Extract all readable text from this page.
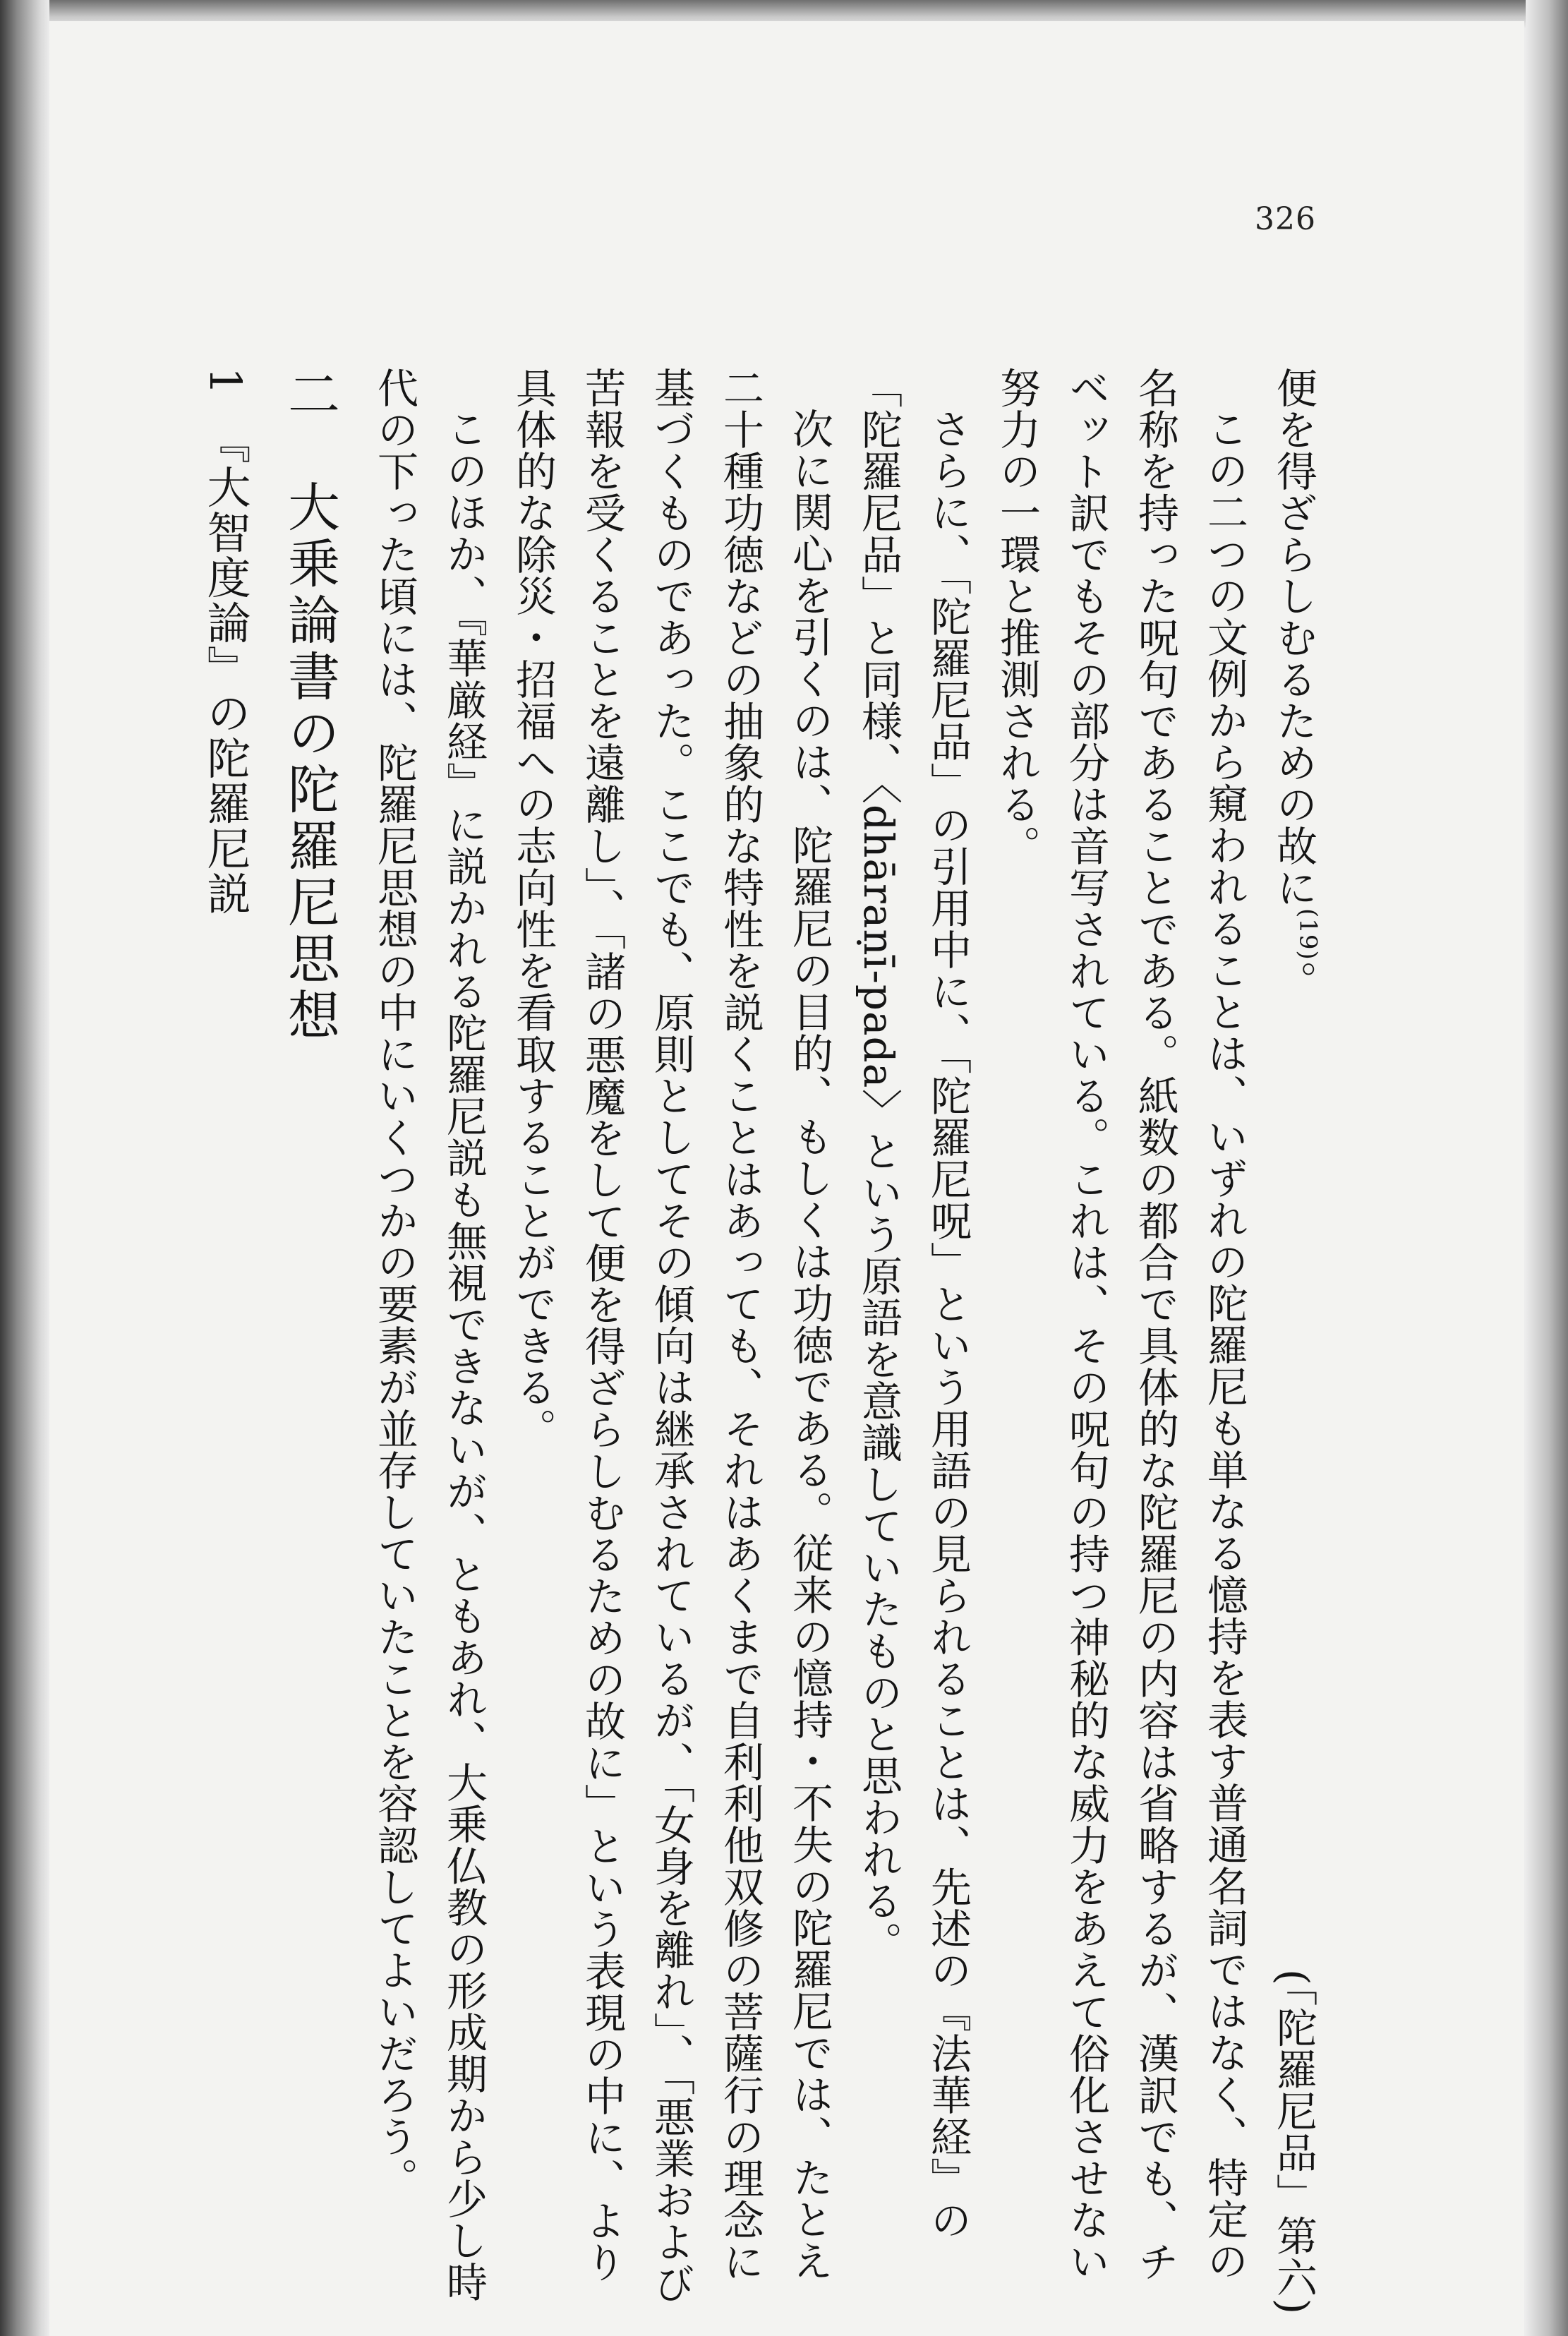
326

便を得ざらしむるための故に$^{(19)}$。
(「陀羅尼品」第六)

この二つの文例から窺われることは、いずれの陀羅尼も単なる憶持を表す普通名詞ではなく、特定の名称を持った呪句であることである。紙数の都合で具体的な陀羅尼の内容は省略するが、漢訳でも、チベット訳でもその部分は音写されている。これは、その呪句の持つ神秘的な威力をあえて俗化させない努力の一環と推測される。

さらに、「陀羅尼品」の引用中に、「陀羅尼呪」という用語の見られることは、先述の『法華経』の「陀羅尼品」と同様、〈dhāraṇī-pada〉という原語を意識していたものと思われる。

次に関心を引くのは、陀羅尼の目的、もしくは功徳である。従来の憶持・不失の陀羅尼では、たとえ二十種功徳などの抽象的な特性を説くことはあっても、それはあくまで自利利他双修の菩薩行の理念に基づくものであった。ここでも、原則としてその傾向は継承されているが、「女身を離れ」、「悪業および苦報を受くることを遠離し」、「諸の悪魔をして便を得ざらしむるための故に」という表現の中に、より具体的な除災・招福への志向性を看取することができる。

このほか、『華厳経』に説かれる陀羅尼説も無視できないが、ともあれ、大乗仏教の形成期から少し時代の下った頃には、陀羅尼思想の中にいくつかの要素が並存していたことを容認してよいだろう。

二　大乗論書の陀羅尼思想

1　『大智度論』の陀羅尼説
